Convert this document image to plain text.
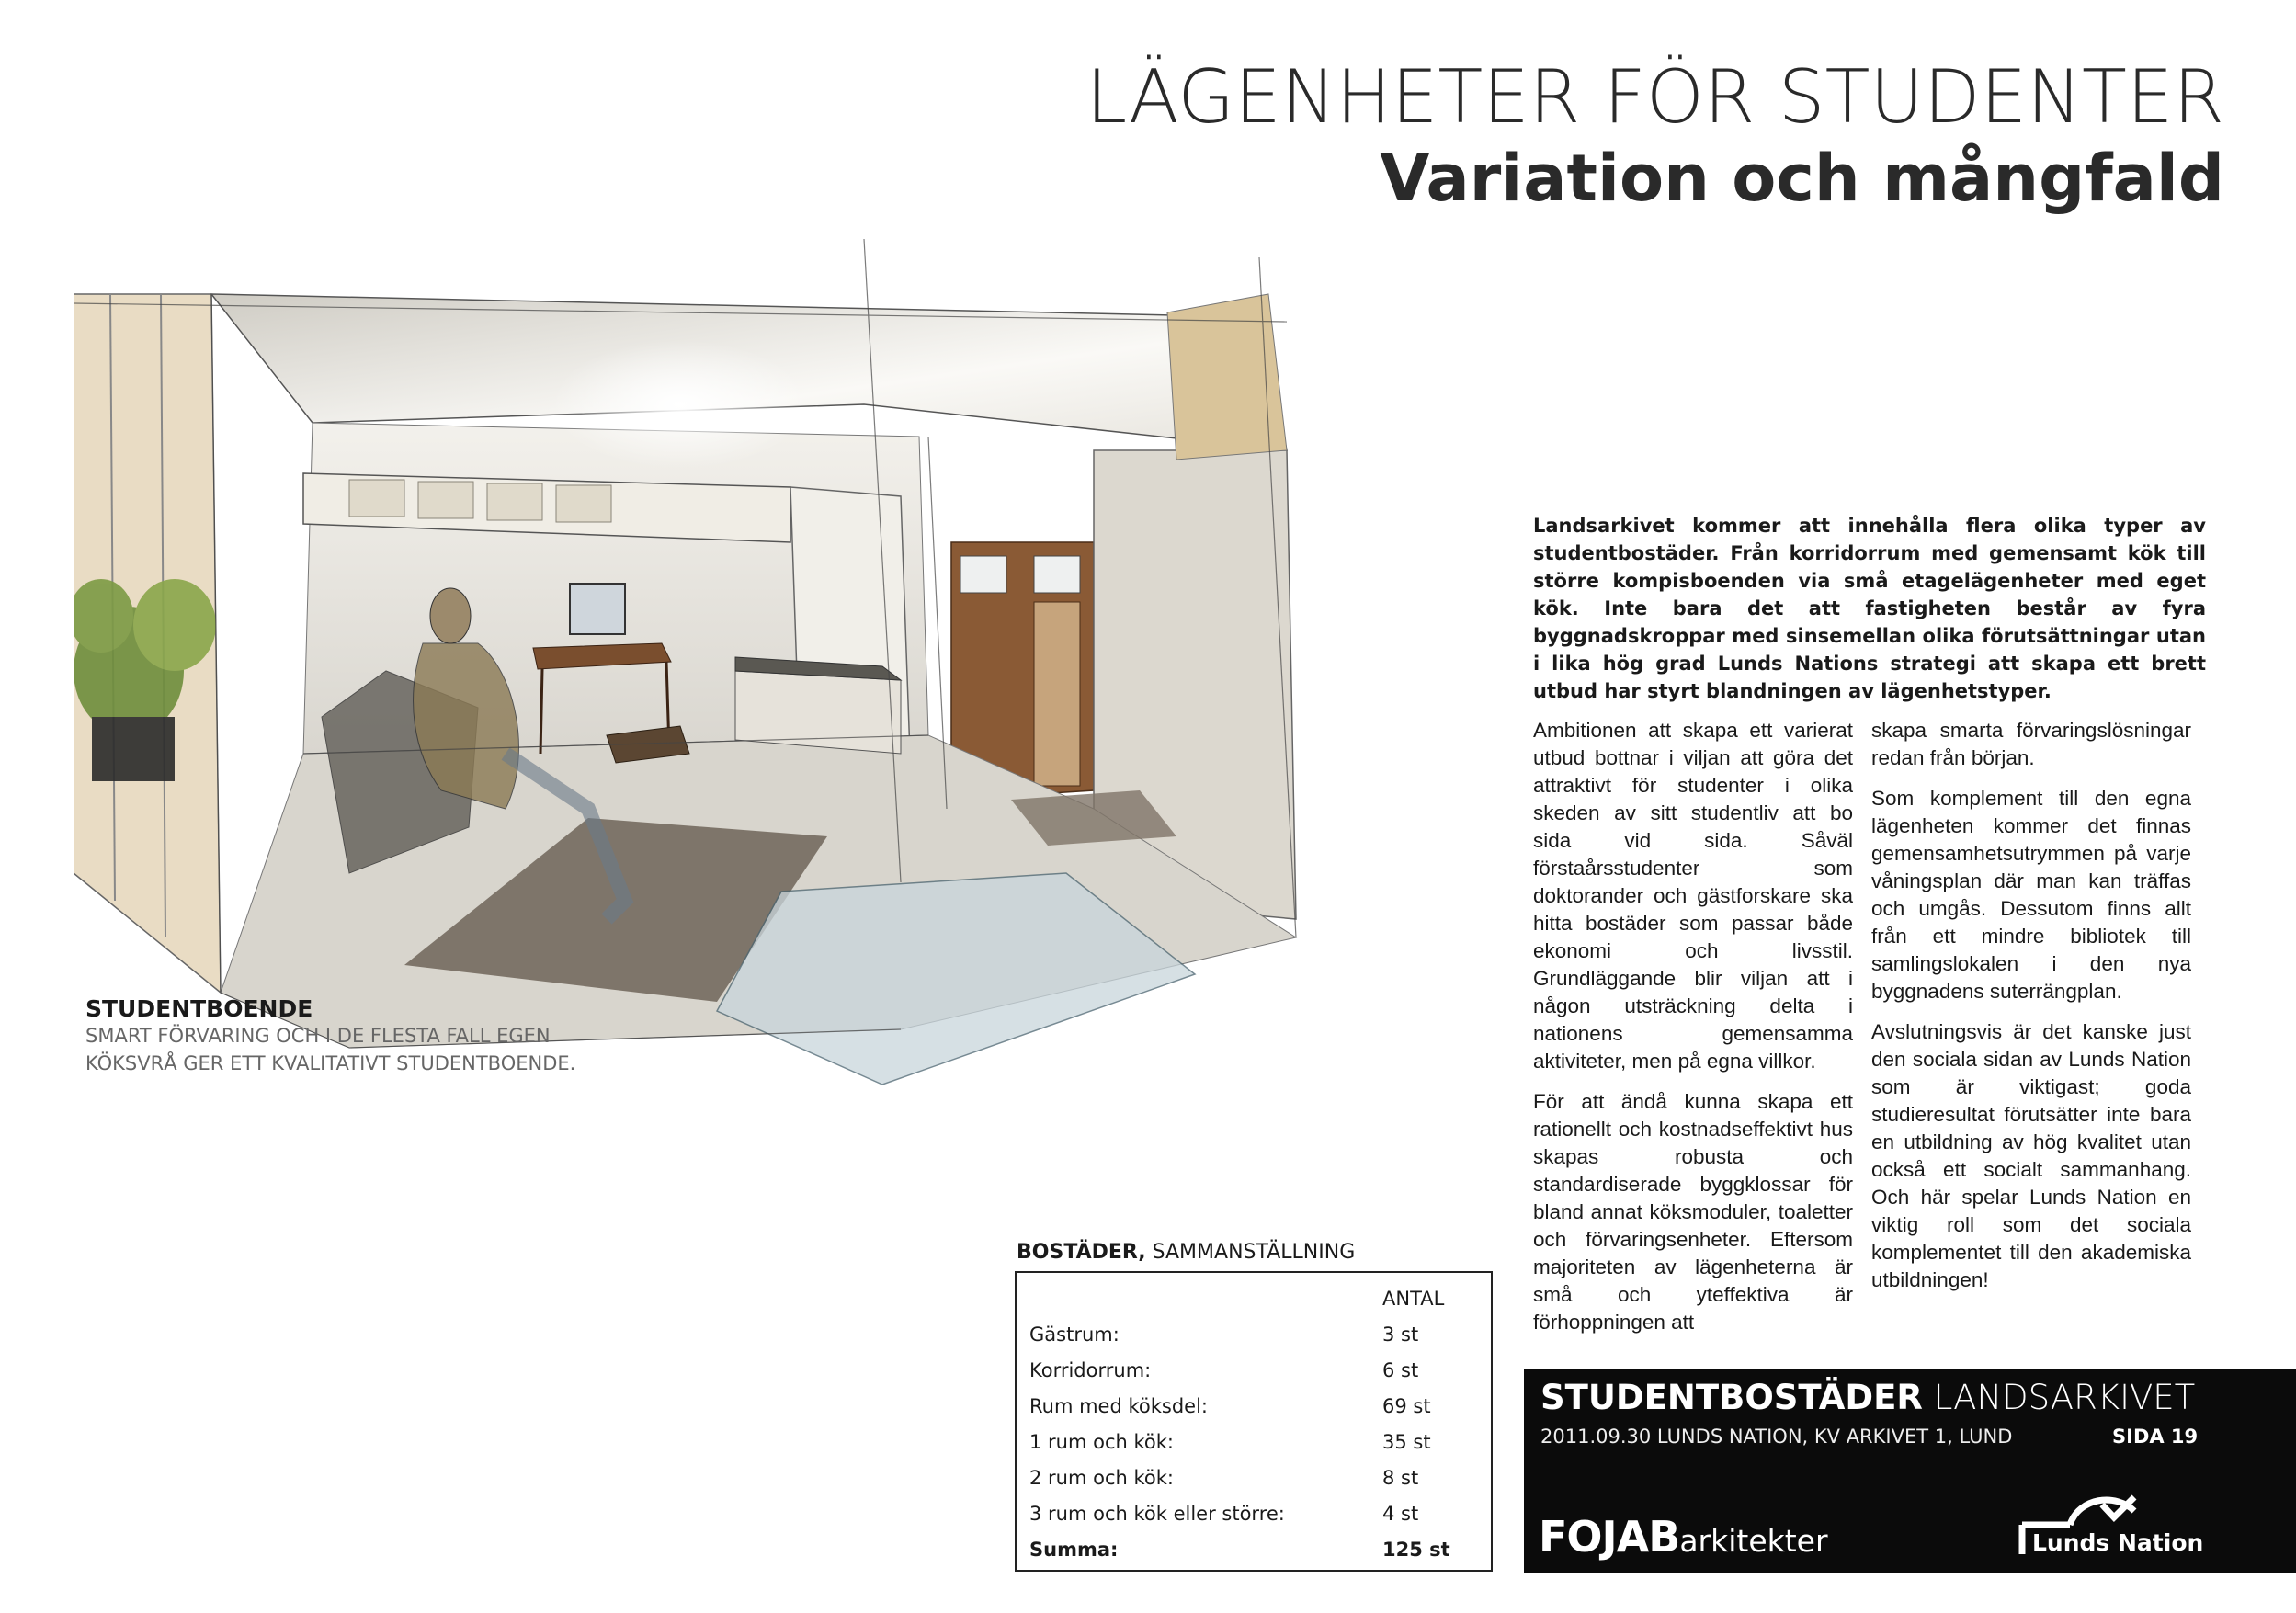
LÄGENHETER FÖR STUDENTER
Variation och mångfald
STUDENTBOENDE
SMART FÖRVARING OCH I DE FLESTA FALL EGEN
KÖKSVRÅ GER ETT KVALITATIVT STUDENTBOENDE.
Landsarkivet kommer att innehålla flera olika typer av studentbostäder. Från korridorrum med gemensamt kök till större kompisboenden via små etagelägenheter med eget kök. Inte bara det att fastigheten består av fyra byggnadskroppar med sinsemellan olika förutsättningar utan i lika hög grad Lunds Nations strategi att skapa ett brett utbud har styrt blandningen av lägenhetstyper.

Ambitionen att skapa ett varierat utbud bottnar i viljan att göra det attraktivt för studenter i olika skeden av sitt studentliv att bo sida vid sida. Såväl förstaårsstudenter som doktorander och gästforskare ska hitta bostäder som passar både ekonomi och livsstil. Grundläggande blir viljan att i någon utsträckning delta i nationens gemensamma aktiviteter, men på egna villkor.

För att ändå kunna skapa ett rationellt och kostnadseffektivt hus skapas robusta och standardiserade byggklossar för bland annat köksmoduler, toaletter och förvaringsenheter. Eftersom majoriteten av lägenheterna är små och yteffektiva är förhoppningen att

skapa smarta förvaringslösningar redan från början.

Som komplement till den egna lägenheten kommer det finnas gemensamhetsutrymmen på varje våningsplan där man kan träffas och umgås. Dessutom finns allt från ett mindre bibliotek till samlingslokalen i den nya byggnadens suterrängplan.

Avslutningsvis är det kanske just den sociala sidan av Lunds Nation som är viktigast; goda studieresultat förutsätter inte bara en utbildning av hög kvalitet utan också ett socialt sammanhang. Och här spelar Lunds Nation en viktig roll som det sociala komplementet till den akademiska utbildningen!

BOSTÄDER, SAMMANSTÄLLNING
	ANTAL
Gästrum:	3 st
Korridorrum:	6 st
Rum med köksdel:	69 st
1 rum och kök:	35 st
2 rum och kök:	8 st
3 rum och kök eller större:	4 st
Summa:	125 st
STUDENTBOSTÄDER LANDSARKIVET
2011.09.30 LUNDS NATION, KV ARKIVET 1, LUND	SIDA 19
FOJABarkitekter	Lunds Nation
